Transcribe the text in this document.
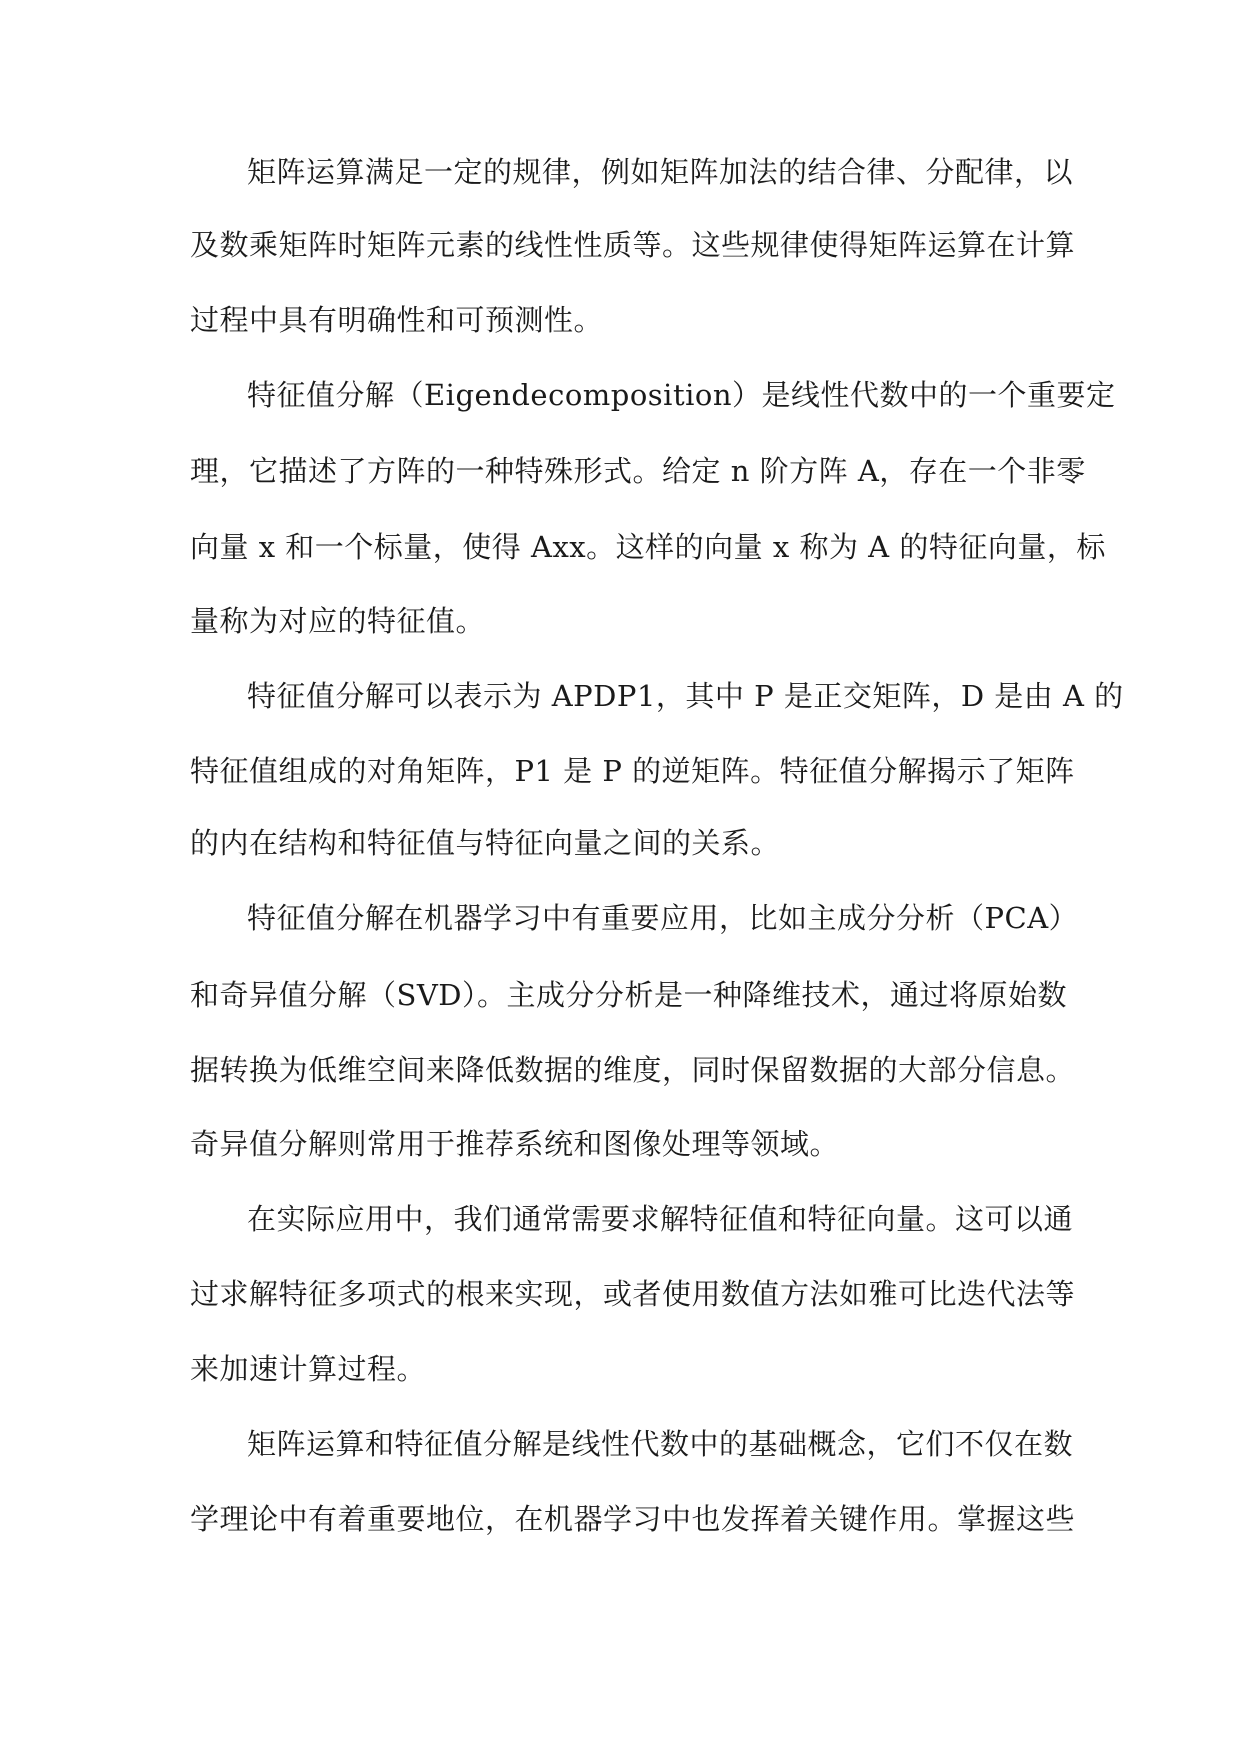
矩阵运算满足一定的规律，例如矩阵加法的结合律、分配律，以

及数乘矩阵时矩阵元素的线性性质等。这些规律使得矩阵运算在计算

过程中具有明确性和可预测性。

特征值分解（Eigendecomposition）是线性代数中的一个重要定

理，它描述了方阵的一种特殊形式。给定 n 阶方阵 A，存在一个非零

向量 x 和一个标量，使得 Axx。这样的向量 x 称为 A 的特征向量，标

量称为对应的特征值。

特征值分解可以表示为 APDP1，其中 P 是正交矩阵，D 是由 A 的

特征值组成的对角矩阵，P1 是 P 的逆矩阵。特征值分解揭示了矩阵

的内在结构和特征值与特征向量之间的关系。

特征值分解在机器学习中有重要应用，比如主成分分析（PCA）

和奇异值分解（SVD）。主成分分析是一种降维技术，通过将原始数

据转换为低维空间来降低数据的维度，同时保留数据的大部分信息。

奇异值分解则常用于推荐系统和图像处理等领域。

在实际应用中，我们通常需要求解特征值和特征向量。这可以通

过求解特征多项式的根来实现，或者使用数值方法如雅可比迭代法等

来加速计算过程。

矩阵运算和特征值分解是线性代数中的基础概念，它们不仅在数

学理论中有着重要地位，在机器学习中也发挥着关键作用。掌握这些
